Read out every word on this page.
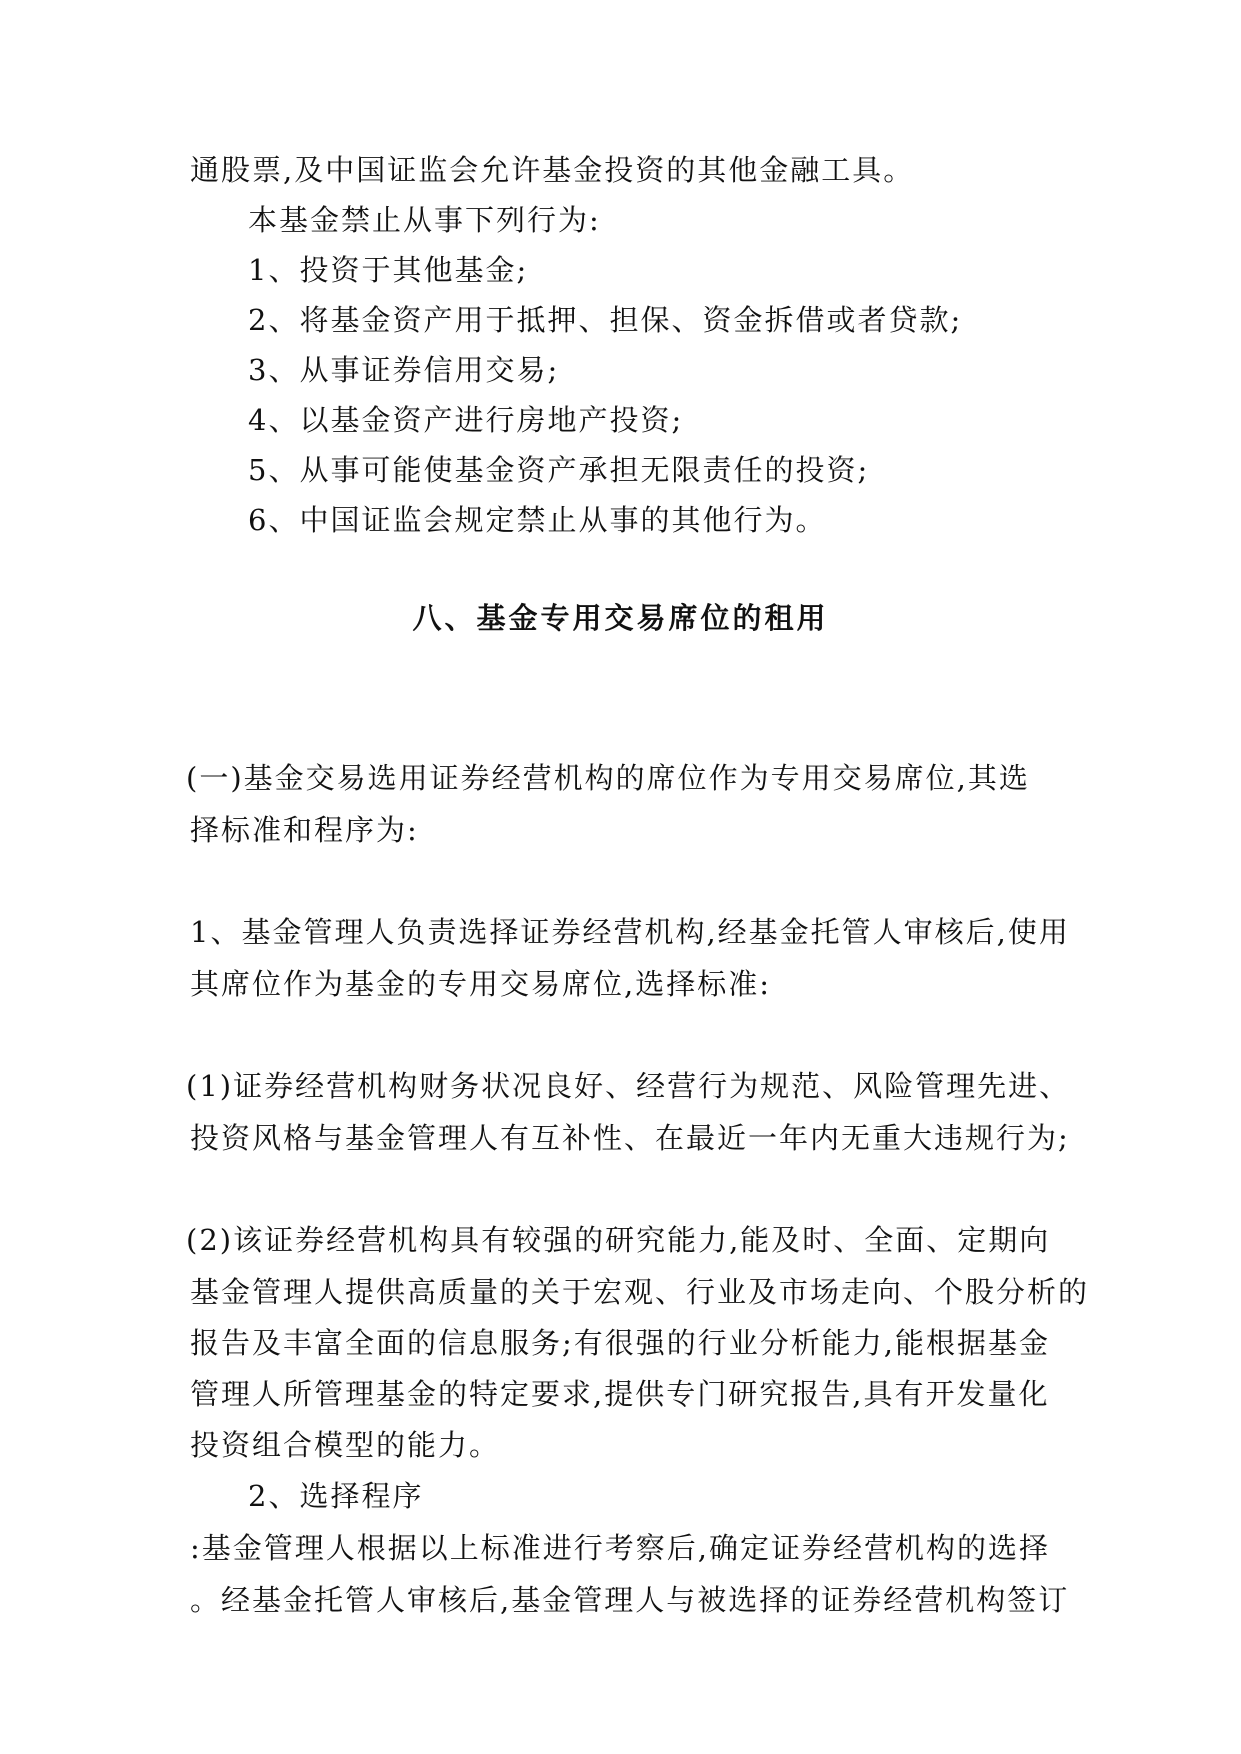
通股票,及中国证监会允许基金投资的其他金融工具。
本基金禁止从事下列行为:
1、投资于其他基金;
2、将基金资产用于抵押、担保、资金拆借或者贷款;
3、从事证券信用交易;
4、以基金资产进行房地产投资;
5、从事可能使基金资产承担无限责任的投资;
6、中国证监会规定禁止从事的其他行为。
八、基金专用交易席位的租用
(一)基金交易选用证券经营机构的席位作为专用交易席位,其选
择标准和程序为:
1、基金管理人负责选择证券经营机构,经基金托管人审核后,使用
其席位作为基金的专用交易席位,选择标准:
(1)证券经营机构财务状况良好、经营行为规范、风险管理先进、
投资风格与基金管理人有互补性、在最近一年内无重大违规行为;
(2)该证券经营机构具有较强的研究能力,能及时、全面、定期向
基金管理人提供高质量的关于宏观、行业及市场走向、个股分析的
报告及丰富全面的信息服务;有很强的行业分析能力,能根据基金
管理人所管理基金的特定要求,提供专门研究报告,具有开发量化
投资组合模型的能力。
2、选择程序
:基金管理人根据以上标准进行考察后,确定证券经营机构的选择
。经基金托管人审核后,基金管理人与被选择的证券经营机构签订
